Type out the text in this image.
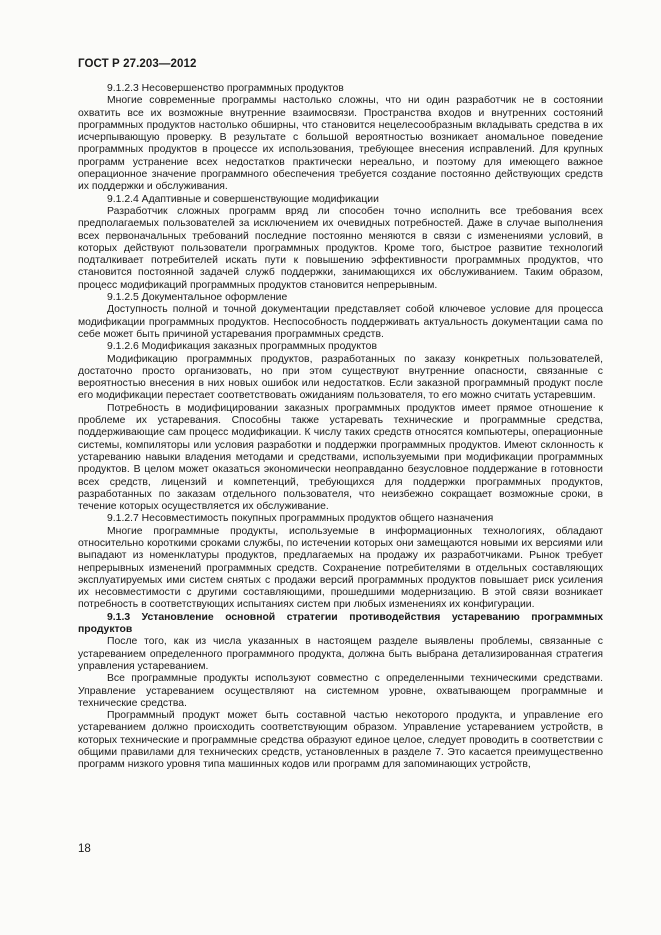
ГОСТ Р 27.203—2012
9.1.2.3 Несовершенство программных продуктов

Многие современные программы настолько сложны, что ни один разработчик не в состоянии охватить все их возможные внутренние взаимосвязи. Пространства входов и внутренних состояний программных продуктов настолько обширны, что становится нецелесообразным вкладывать средства в их исчерпывающую проверку. В результате с большой вероятностью возникает аномальное поведение программных продуктов в процессе их использования, требующее внесения исправлений. Для крупных программ устранение всех недостатков практически нереально, и поэтому для имеющего важное операционное значение программного обеспечения требуется создание постоянно действующих средств их поддержки и обслуживания.

9.1.2.4 Адаптивные и совершенствующие модификации

Разработчик сложных программ вряд ли способен точно исполнить все требования всех предполагаемых пользователей за исключением их очевидных потребностей. Даже в случае выполнения всех первоначальных требований последние постоянно меняются в связи с изменениями условий, в которых действуют пользователи программных продуктов. Кроме того, быстрое развитие технологий подталкивает потребителей искать пути к повышению эффективности программных продуктов, что становится постоянной задачей служб поддержки, занимающихся их обслуживанием. Таким образом, процесс модификаций программных продуктов становится непрерывным.

9.1.2.5 Документальное оформление

Доступность полной и точной документации представляет собой ключевое условие для процесса модификации программных продуктов. Неспособность поддерживать актуальность документации сама по себе может быть причиной устаревания программных средств.

9.1.2.6 Модификация заказных программных продуктов

Модификацию программных продуктов, разработанных по заказу конкретных пользователей, достаточно просто организовать, но при этом существуют внутренние опасности, связанные с вероятностью внесения в них новых ошибок или недостатков. Если заказной программный продукт после его модификации перестает соответствовать ожиданиям пользователя, то его можно считать устаревшим.

Потребность в модифицировании заказных программных продуктов имеет прямое отношение к проблеме их устаревания. Способны также устаревать технические и программные средства, поддерживающие сам процесс модификации. К числу таких средств относятся компьютеры, операционные системы, компиляторы или условия разработки и поддержки программных продуктов. Имеют склонность к устареванию навыки владения методами и средствами, используемыми при модификации программных продуктов. В целом может оказаться экономически неоправданно безусловное поддержание в готовности всех средств, лицензий и компетенций, требующихся для поддержки программных продуктов, разработанных по заказам отдельного пользователя, что неизбежно сокращает возможные сроки, в течение которых осуществляется их обслуживание.

9.1.2.7 Несовместимость покупных программных продуктов общего назначения

Многие программные продукты, используемые в информационных технологиях, обладают относительно короткими сроками службы, по истечении которых они замещаются новыми их версиями или выпадают из номенклатуры продуктов, предлагаемых на продажу их разработчиками. Рынок требует непрерывных изменений программных средств. Сохранение потребителями в отдельных составляющих эксплуатируемых ими систем снятых с продажи версий программных продуктов повышает риск усиления их несовместимости с другими составляющими, прошедшими модернизацию. В этой связи возникает потребность в соответствующих испытаниях систем при любых изменениях их конфигурации.

9.1.3 Установление основной стратегии противодействия устареванию программных продуктов

После того, как из числа указанных в настоящем разделе выявлены проблемы, связанные с устареванием определенного программного продукта, должна быть выбрана детализированная стратегия управления устареванием.

Все программные продукты используют совместно с определенными техническими средствами. Управление устареванием осуществляют на системном уровне, охватывающем программные и технические средства.

Программный продукт может быть составной частью некоторого продукта, и управление его устареванием должно происходить соответствующим образом. Управление устареванием устройств, в которых технические и программные средства образуют единое целое, следует проводить в соответствии с общими правилами для технических средств, установленных в разделе 7. Это касается преимущественно программ низкого уровня типа машинных кодов или программ для запоминающих устройств,

18
